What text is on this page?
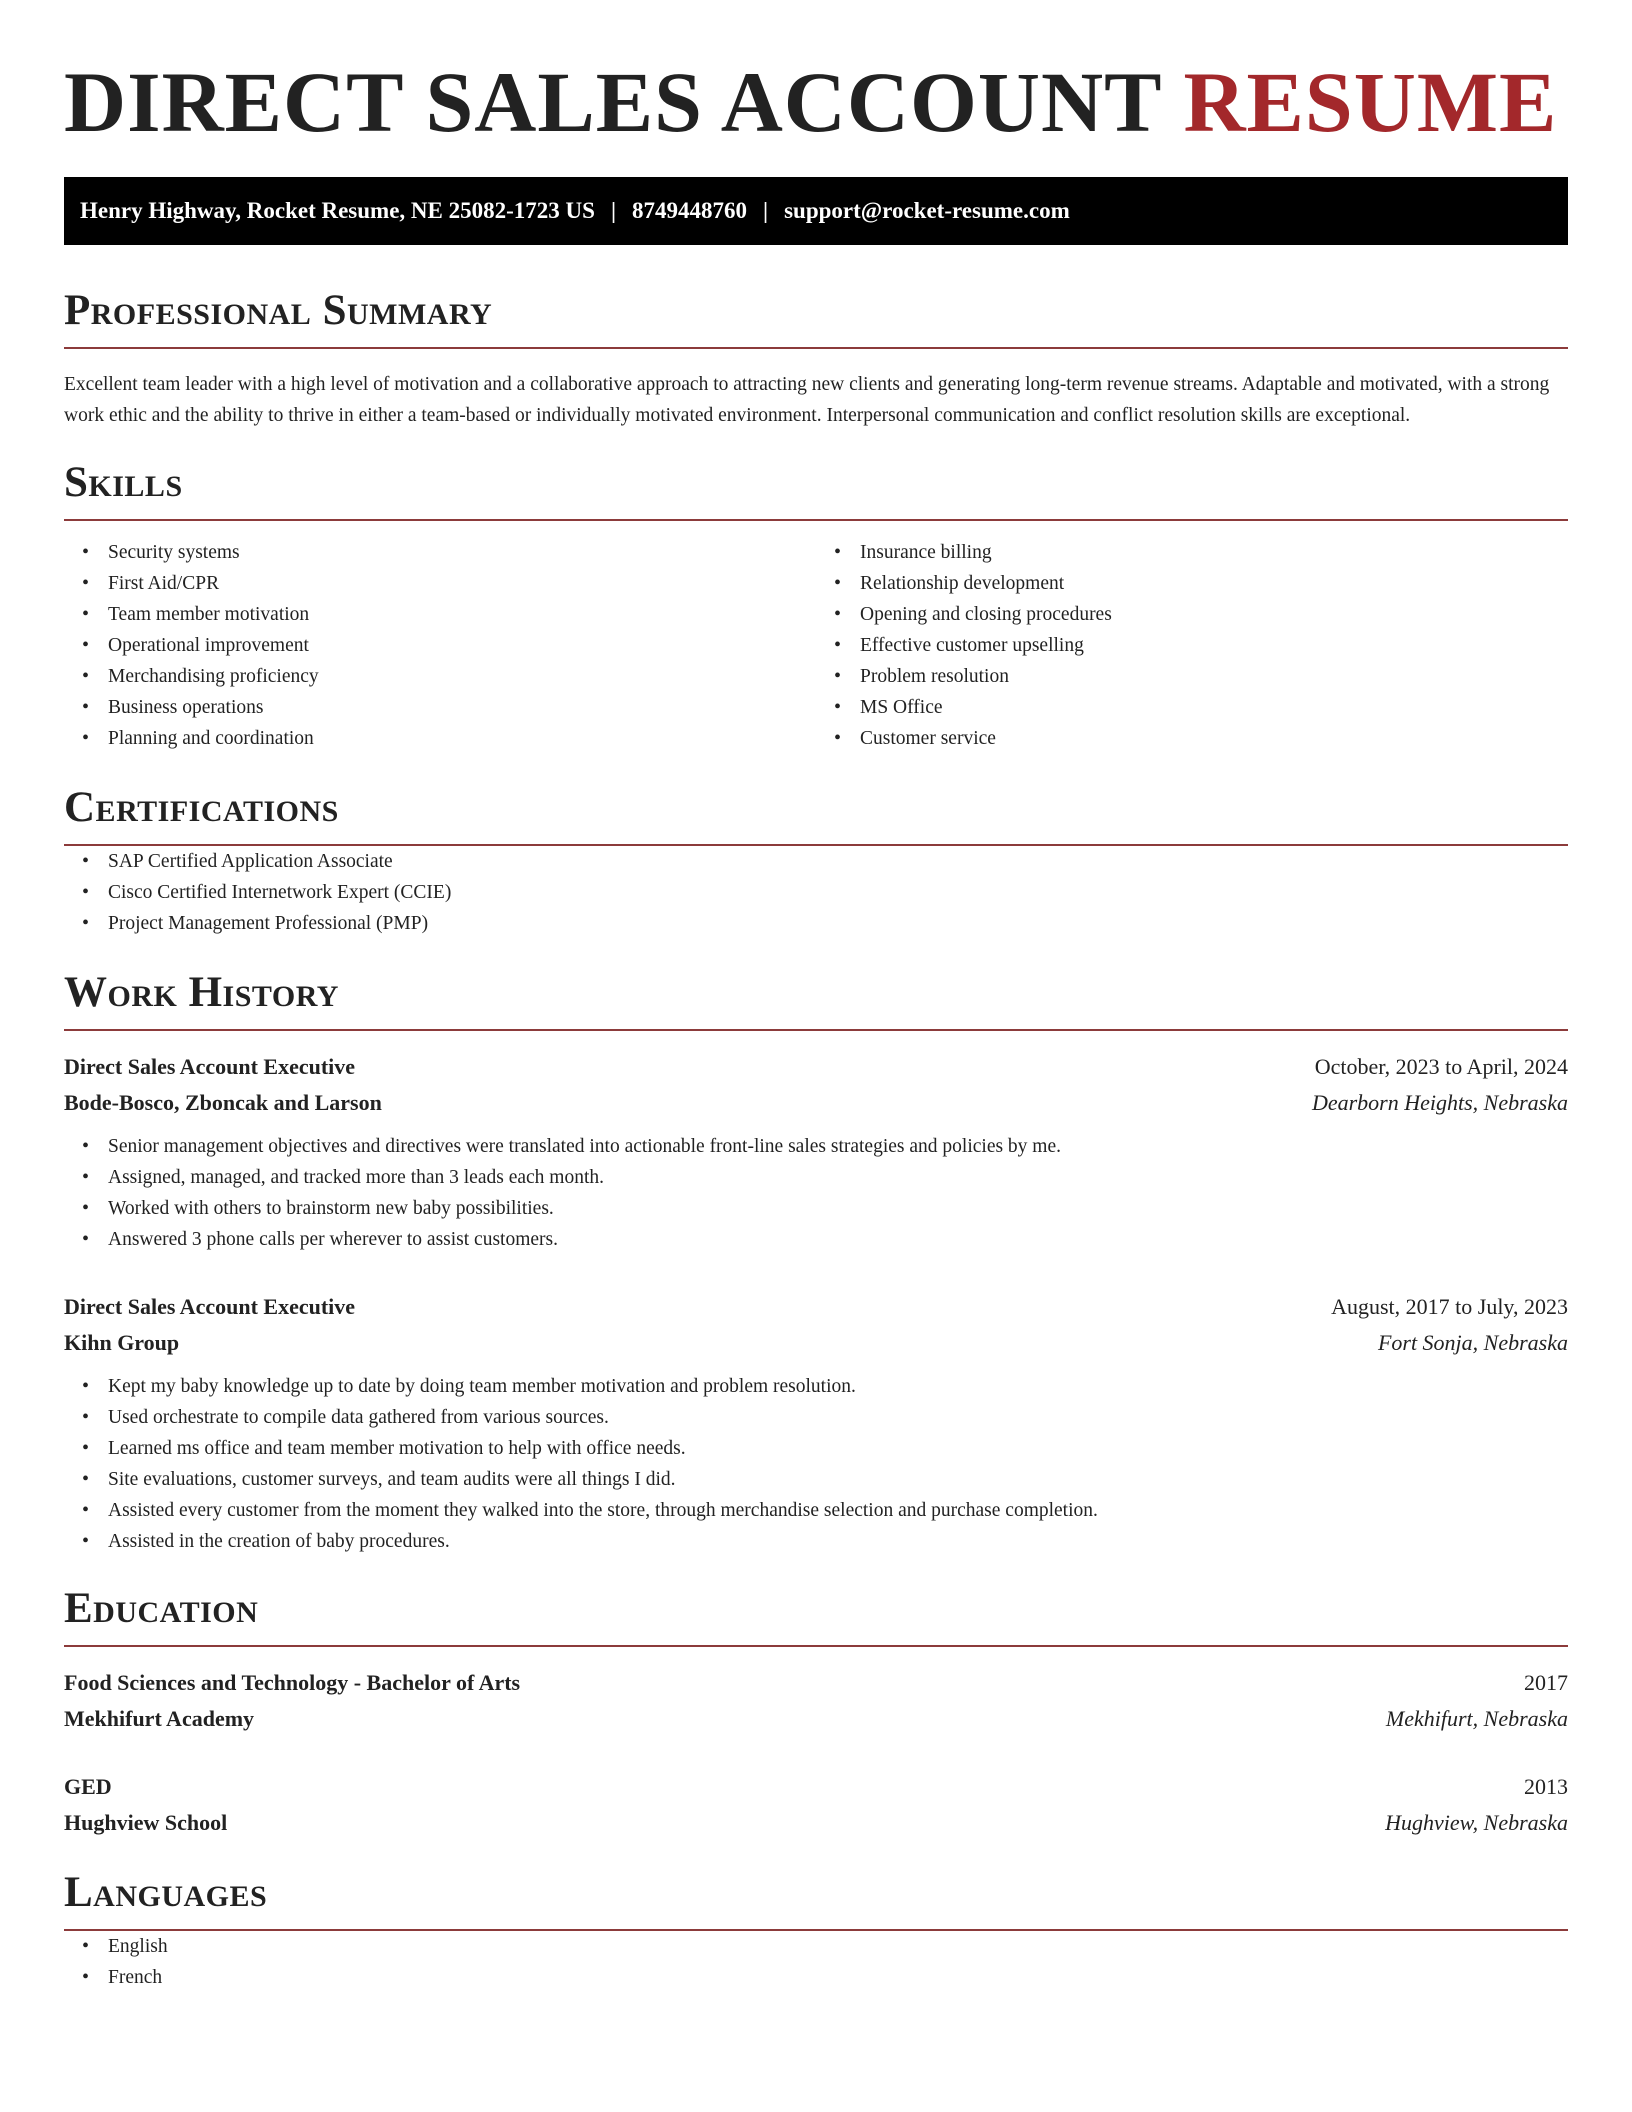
DIRECT SALES ACCOUNT RESUME
Henry Highway, Rocket Resume, NE 25082-1723 US | 8749448760 | support@rocket-resume.com
Professional Summary

Excellent team leader with a high level of motivation and a collaborative approach to attracting new clients and generating long-term revenue streams. Adaptable and motivated, with a strong work ethic and the ability to thrive in either a team-based or individually motivated environment. Interpersonal communication and conflict resolution skills are exceptional.

Skills
• Security systems
• First Aid/CPR
• Team member motivation
• Operational improvement
• Merchandising proficiency
• Business operations
• Planning and coordination
• Insurance billing
• Relationship development
• Opening and closing procedures
• Effective customer upselling
• Problem resolution
• MS Office
• Customer service
Certifications
• SAP Certified Application Associate
• Cisco Certified Internetwork Expert (CCIE)
• Project Management Professional (PMP)
Work History
Direct Sales Account Executive	October, 2023 to April, 2024
Bode-Bosco, Zboncak and Larson	Dearborn Heights, Nebraska
• Senior management objectives and directives were translated into actionable front-line sales strategies and policies by me.
• Assigned, managed, and tracked more than 3 leads each month.
• Worked with others to brainstorm new baby possibilities.
• Answered 3 phone calls per wherever to assist customers.
Direct Sales Account Executive	August, 2017 to July, 2023
Kihn Group	Fort Sonja, Nebraska
• Kept my baby knowledge up to date by doing team member motivation and problem resolution.
• Used orchestrate to compile data gathered from various sources.
• Learned ms office and team member motivation to help with office needs.
• Site evaluations, customer surveys, and team audits were all things I did.
• Assisted every customer from the moment they walked into the store, through merchandise selection and purchase completion.
• Assisted in the creation of baby procedures.
Education
Food Sciences and Technology - Bachelor of Arts	2017
Mekhifurt Academy	Mekhifurt, Nebraska
GED	2013
Hughview School	Hughview, Nebraska
Languages
• English
• French
